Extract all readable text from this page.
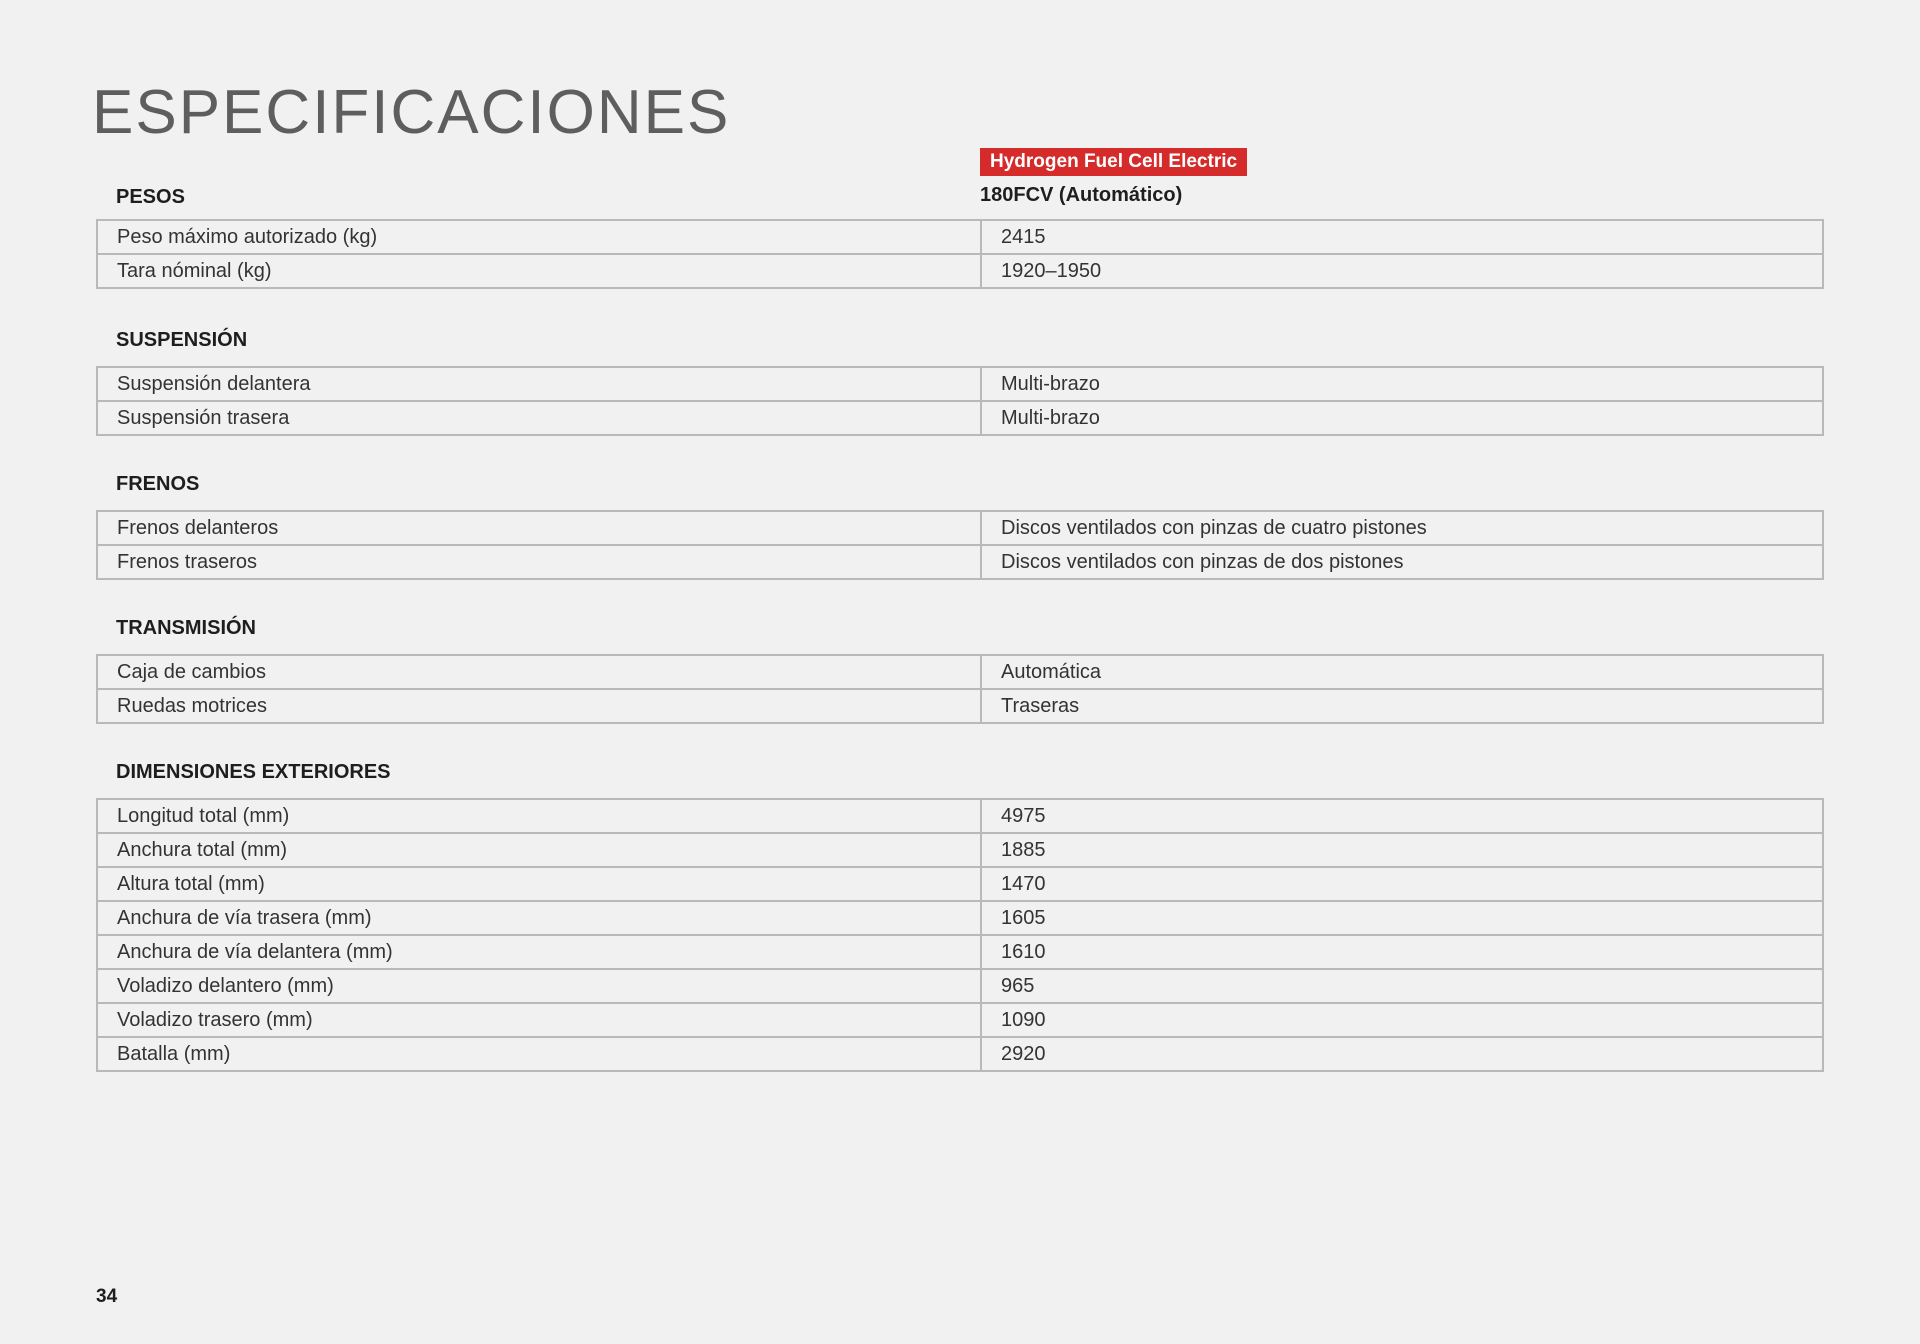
ESPECIFICACIONES
Hydrogen Fuel Cell Electric
180FCV (Automático)
PESOS
Peso máximo autorizado (kg)	2415
Tara nóminal (kg)	1920–1950
SUSPENSIÓN
Suspensión delantera	Multi-brazo
Suspensión trasera	Multi-brazo
FRENOS
Frenos delanteros	Discos ventilados con pinzas de cuatro pistones
Frenos traseros	Discos ventilados con pinzas de dos pistones
TRANSMISIÓN
Caja de cambios	Automática
Ruedas motrices	Traseras
DIMENSIONES EXTERIORES
Longitud total (mm)	4975
Anchura total (mm)	1885
Altura total (mm)	1470
Anchura de vía trasera (mm)	1605
Anchura de vía delantera (mm)	1610
Voladizo delantero (mm)	965
Voladizo trasero (mm)	1090
Batalla (mm)	2920
34
